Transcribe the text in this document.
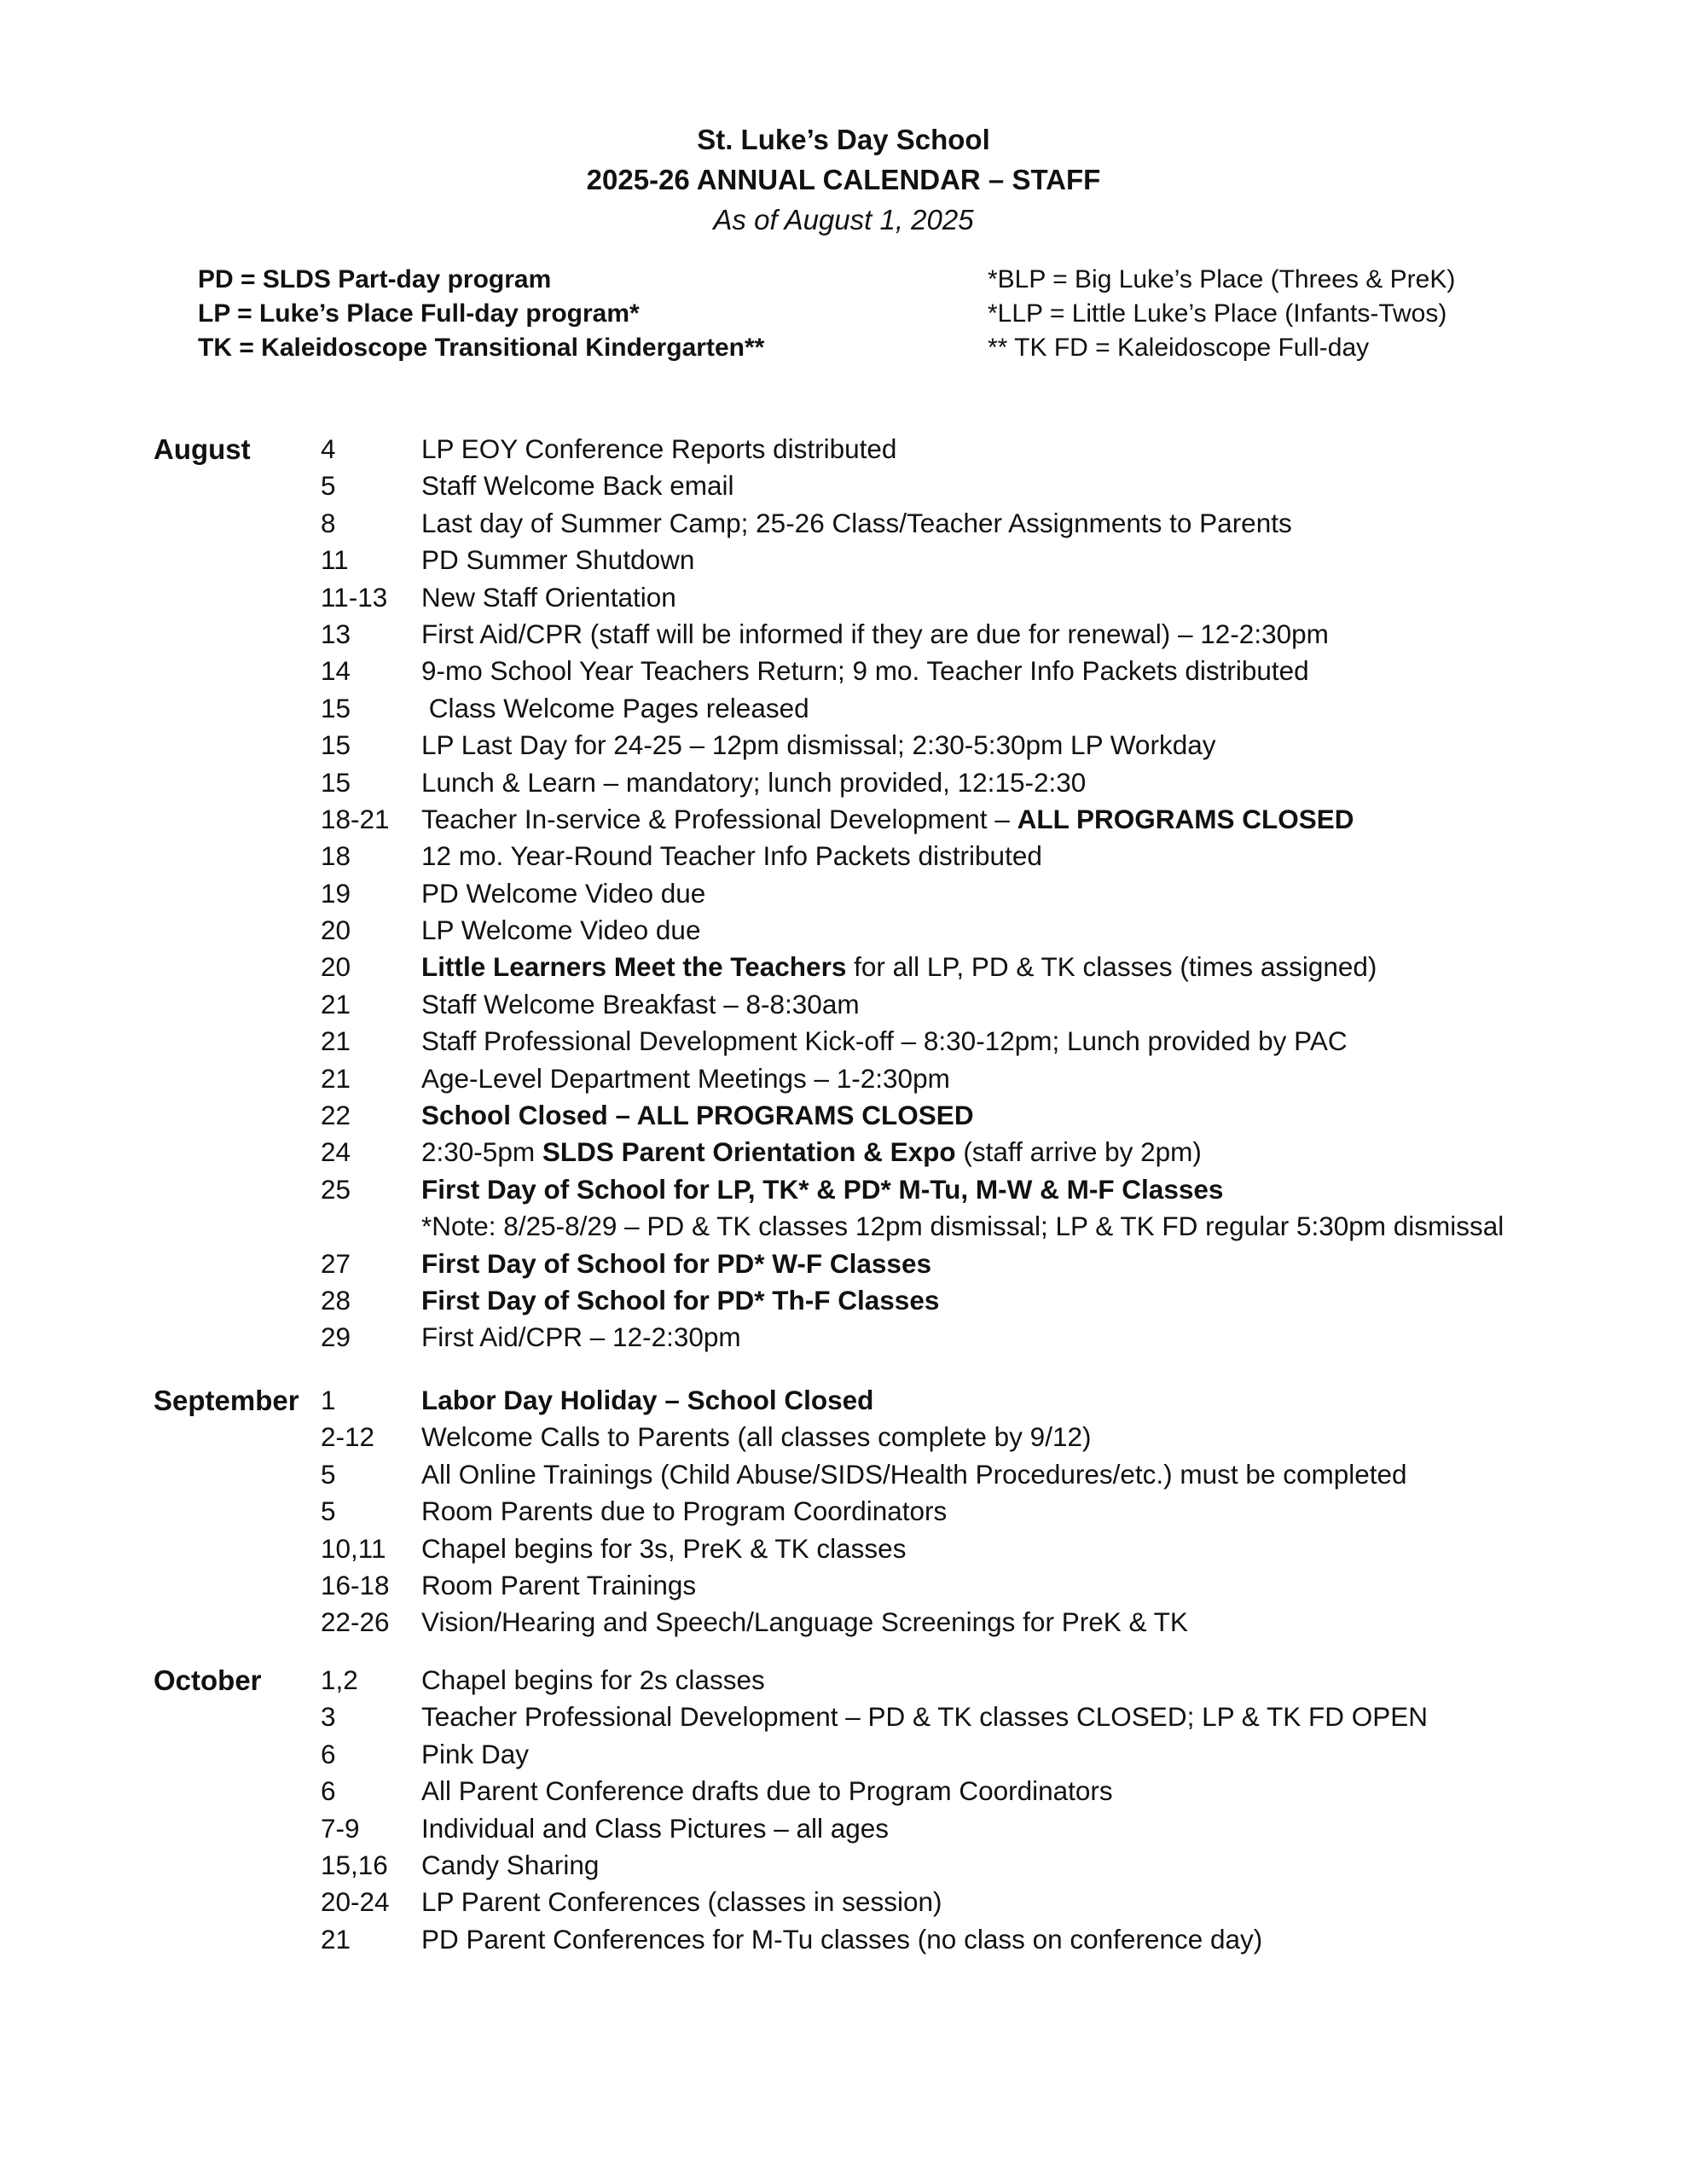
St. Luke’s Day School
2025-26 ANNUAL CALENDAR – STAFF
As of August 1, 2025
PD = SLDS Part-day program
LP = Luke’s Place Full-day program*
TK = Kaleidoscope Transitional Kindergarten**
*BLP = Big Luke’s Place (Threes & PreK)
*LLP = Little Luke’s Place (Infants-Twos)
** TK FD = Kaleidoscope Full-day
August	4	LP EOY Conference Reports distributed
5	Staff Welcome Back email
8	Last day of Summer Camp; 25-26 Class/Teacher Assignments to Parents
11	PD Summer Shutdown
11-13 New Staff Orientation
13	First Aid/CPR (staff will be informed if they are due for renewal) – 12-2:30pm
14	9-mo School Year Teachers Return; 9 mo. Teacher Info Packets distributed
15	Class Welcome Pages released
15	LP Last Day for 24-25 – 12pm dismissal; 2:30-5:30pm LP Workday
15	Lunch & Learn – mandatory; lunch provided, 12:15-2:30
18-21 Teacher In-service & Professional Development – ALL PROGRAMS CLOSED
18	12 mo. Year-Round Teacher Info Packets distributed
19	PD Welcome Video due
20	LP Welcome Video due
20	Little Learners Meet the Teachers for all LP, PD & TK classes (times assigned)
21	Staff Welcome Breakfast – 8-8:30am
21	Staff Professional Development Kick-off – 8:30-12pm; Lunch provided by PAC
21	Age-Level Department Meetings – 1-2:30pm
22	School Closed – ALL PROGRAMS CLOSED
24	2:30-5pm SLDS Parent Orientation & Expo (staff arrive by 2pm)
25	First Day of School for LP, TK* & PD* M-Tu, M-W & M-F Classes
*Note: 8/25-8/29 – PD & TK classes 12pm dismissal; LP & TK FD regular 5:30pm dismissal
27	First Day of School for PD* W-F Classes
28	First Day of School for PD* Th-F Classes
29	First Aid/CPR – 12-2:30pm
September 1	Labor Day Holiday – School Closed
2-12 Welcome Calls to Parents (all classes complete by 9/12)
5	All Online Trainings (Child Abuse/SIDS/Health Procedures/etc.) must be completed
5	Room Parents due to Program Coordinators
10,11 Chapel begins for 3s, PreK & TK classes
16-18 Room Parent Trainings
22-26 Vision/Hearing and Speech/Language Screenings for PreK & TK
October 1,2 Chapel begins for 2s classes
3	Teacher Professional Development – PD & TK classes CLOSED; LP & TK FD OPEN
6	Pink Day
6	All Parent Conference drafts due to Program Coordinators
7-9 Individual and Class Pictures – all ages
15,16 Candy Sharing
20-24 LP Parent Conferences (classes in session)
21	PD Parent Conferences for M-Tu classes (no class on conference day)
